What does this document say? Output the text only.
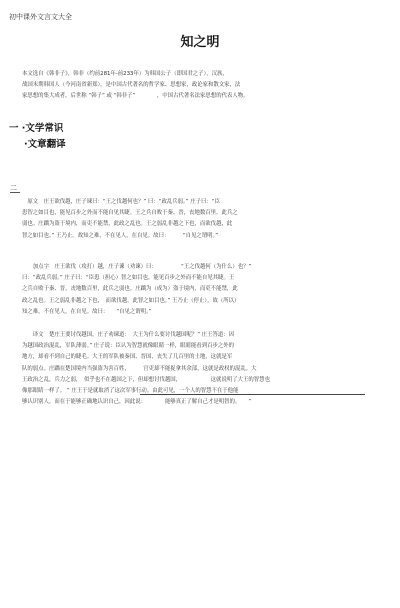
初中课外文言文大全
知之明
本文选自《韩非子》，韩非（约前281年-前233年）为韩国公子（即国君之子），汉族，
战国末期韩国人（今河南省新郑），是中国古代著名的哲学家、思想家，政论家和散文家，法
家思想的集大成者，后世称 “韩子” 或 “韩非子”　　　　，中国古代著名法家思想的代表人物。
一 ·文学常识
·文章翻译
二
　原文　庄王欲伐越，庄子谏曰：“王之伐越何也？” 曰：“政乱兵弱。” 庄子曰：“臣
患智之如目也，能见百步之外而不能自见其睫。王之兵自败于秦、晋，丧地数百里，此兵之
弱也。庄蹻为盗于境内，而吏不能禁，此政之乱也。王之弱乱非越之下也，而欲伐越，此
智之如目也。” 王乃止。故知之难，不在见人，在自见。故曰：　　　“自见之谓明。”
　　加点字　庄王欲伐（攻打）越，庄子谏（劝谏）曰：　　　　　“王之伐越何（为什么）也？”
曰：“政乱兵弱。” 庄子曰：“臣患（担心）智之如目也，能见百步之外而不能自见其睫。王
之兵自败于秦、晋，丧地数百里，此兵之弱也。庄蹻为（成为）盗于境内，而吏不能禁，此
政之乱也。王之弱乱非越之下也，　而欲伐越，此智之如目也。” 王乃止（停止），故（所以）
知之难，不在见人，在自见。故曰：　　“自见之谓明。”
　　译文　楚庄王要讨伐越国，庄子劝谏道：　大王为什么要讨伐越国呢？” 庄王答道：因
为越国政治混乱，军队薄弱。” 庄子说：臣认为智慧就像眼睛一样，眼睛能看到百步之外的
地方，却看不到自己的睫毛。大王的军队被秦国、晋国，丧失了几百里的土地，这就是军
队的弱点。庄蹻在楚国境内当强盗为害百姓，　　　官吏却不能捉拿其余部，这就是政权的混乱。大
王政治之乱，兵力之弱，　似乎也不在越国之下，但却想讨伐越国，　　　　　　这就说明了大王的智慧也
像那眼睛一样了。 ” 庄王于是就取消了这次军事行动。由此可见，一个人的智慧不在于他能
够认识别人，而在于能够正确地认识自己，因此说：　　　　能够真正了解自己才是明智的。　　”
